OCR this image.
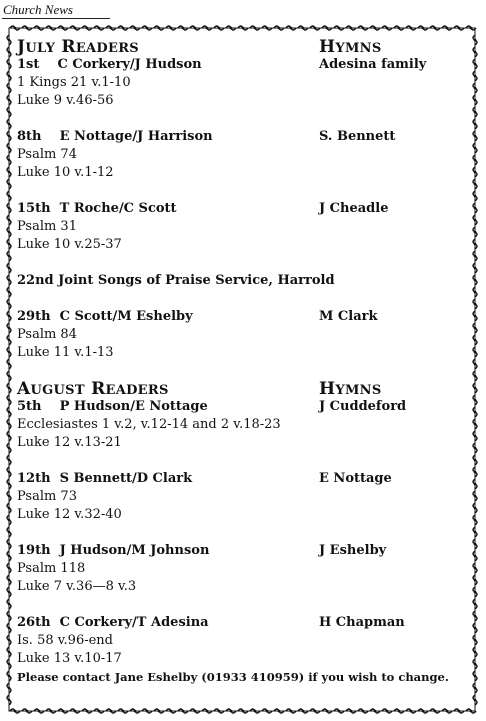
Church News
JULY READERS	HYMNS
1st C Corkery/J Hudson	Adesina family
1 Kings 21 v.1-10
Luke 9 v.46-56
8th E Nottage/J Harrison	S. Bennett
Psalm 74
Luke 10 v.1-12
15th T Roche/C Scott	J Cheadle
Psalm 31
Luke 10 v.25-37
22nd Joint Songs of Praise Service, Harrold
29th C Scott/M Eshelby	M Clark
Psalm 84
Luke 11 v.1-13
AUGUST READERS	HYMNS
5th P Hudson/E Nottage	J Cuddeford
Ecclesiastes 1 v.2, v.12-14 and 2 v.18-23
Luke 12 v.13-21
12th S Bennett/D Clark	E Nottage
Psalm 73
Luke 12 v.32-40
19th J Hudson/M Johnson	J Eshelby
Psalm 118
Luke 7 v.36—8 v.3
26th C Corkery/T Adesina	H Chapman
Is. 58 v.96-end
Luke 13 v.10-17
Please contact Jane Eshelby (01933 410959) if you wish to change.
